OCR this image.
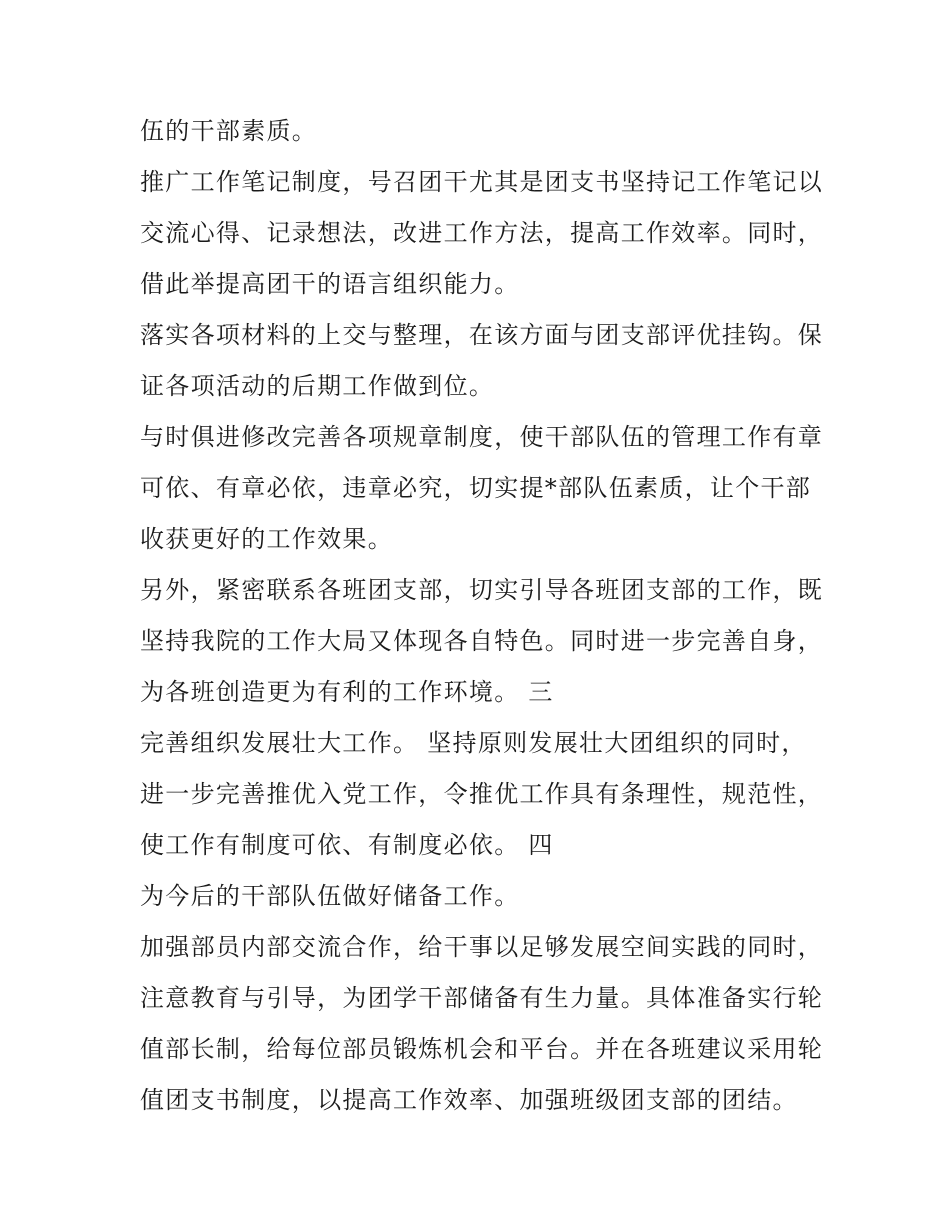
伍的干部素质。
推广工作笔记制度，号召团干尤其是团支书坚持记工作笔记以
交流心得、记录想法，改进工作方法，提高工作效率。同时，
借此举提高团干的语言组织能力。
落实各项材料的上交与整理，在该方面与团支部评优挂钩。保
证各项活动的后期工作做到位。
与时俱进修改完善各项规章制度，使干部队伍的管理工作有章
可依、有章必依，违章必究，切实提*部队伍素质，让个干部
收获更好的工作效果。
另外，紧密联系各班团支部，切实引导各班团支部的工作，既
坚持我院的工作大局又体现各自特色。同时进一步完善自身，
为各班创造更为有利的工作环境。 三
完善组织发展壮大工作。 坚持原则发展壮大团组织的同时，
进一步完善推优入党工作，令推优工作具有条理性，规范性，
使工作有制度可依、有制度必依。 四
为今后的干部队伍做好储备工作。
加强部员内部交流合作，给干事以足够发展空间实践的同时，
注意教育与引导，为团学干部储备有生力量。具体准备实行轮
值部长制，给每位部员锻炼机会和平台。并在各班建议采用轮
值团支书制度，以提高工作效率、加强班级团支部的团结。
